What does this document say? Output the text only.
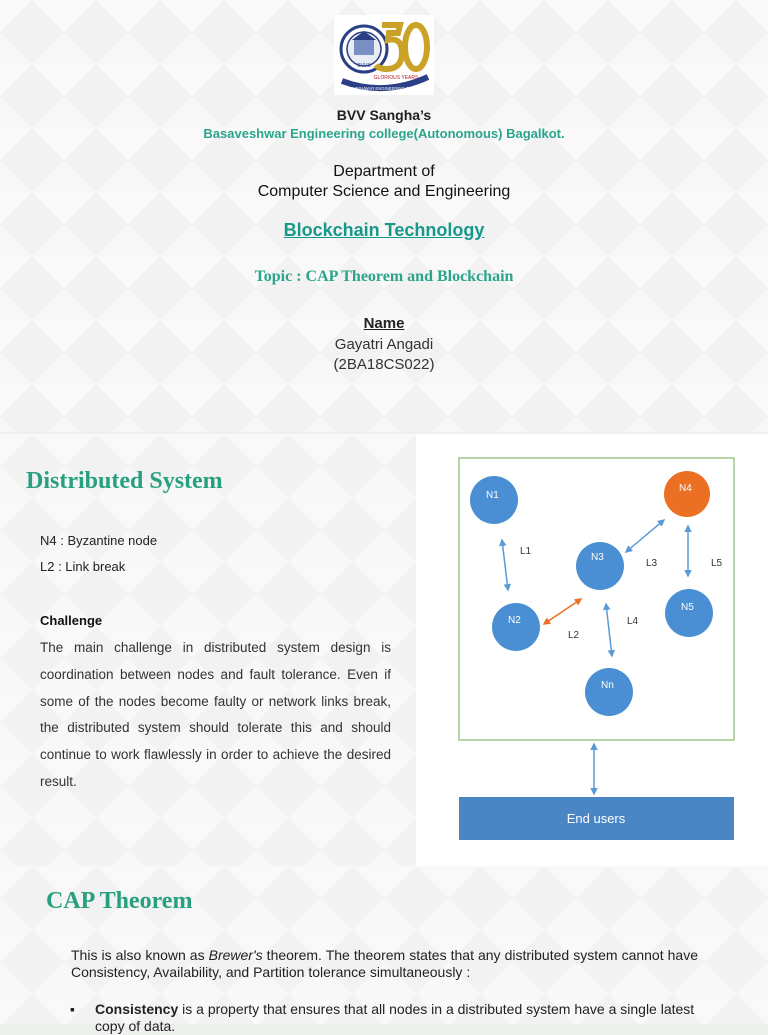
BVVS
GLORIOUS YEARS
BASAVESHWAR ENGINEERING COLLEGE
BVV Sangha’s
Basaveshwar Engineering college(Autonomous) Bagalkot.
Department of
Computer Science and Engineering
Blockchain Technology
Topic : CAP Theorem and Blockchain
Name
Gayatri Angadi
(2BA18CS022)
Distributed System
N4 : Byzantine node
L2 : Link break
Challenge
The main challenge in distributed system design is coordination between nodes and fault tolerance. Even if some of the nodes become faulty or network links break, the distributed system should tolerate this and should continue to work flawlessly in order to achieve the desired result.
L1
L2
L3
L4
L5
N1
N2
N3
N4
N5
Nn
End users
CAP Theorem
This is also known as Brewer's theorem. The theorem states that any distributed system cannot have Consistency, Availability, and Partition tolerance simultaneously :
▪ Consistency is a property that ensures that all nodes in a distributed system have a single latest copy of data.
